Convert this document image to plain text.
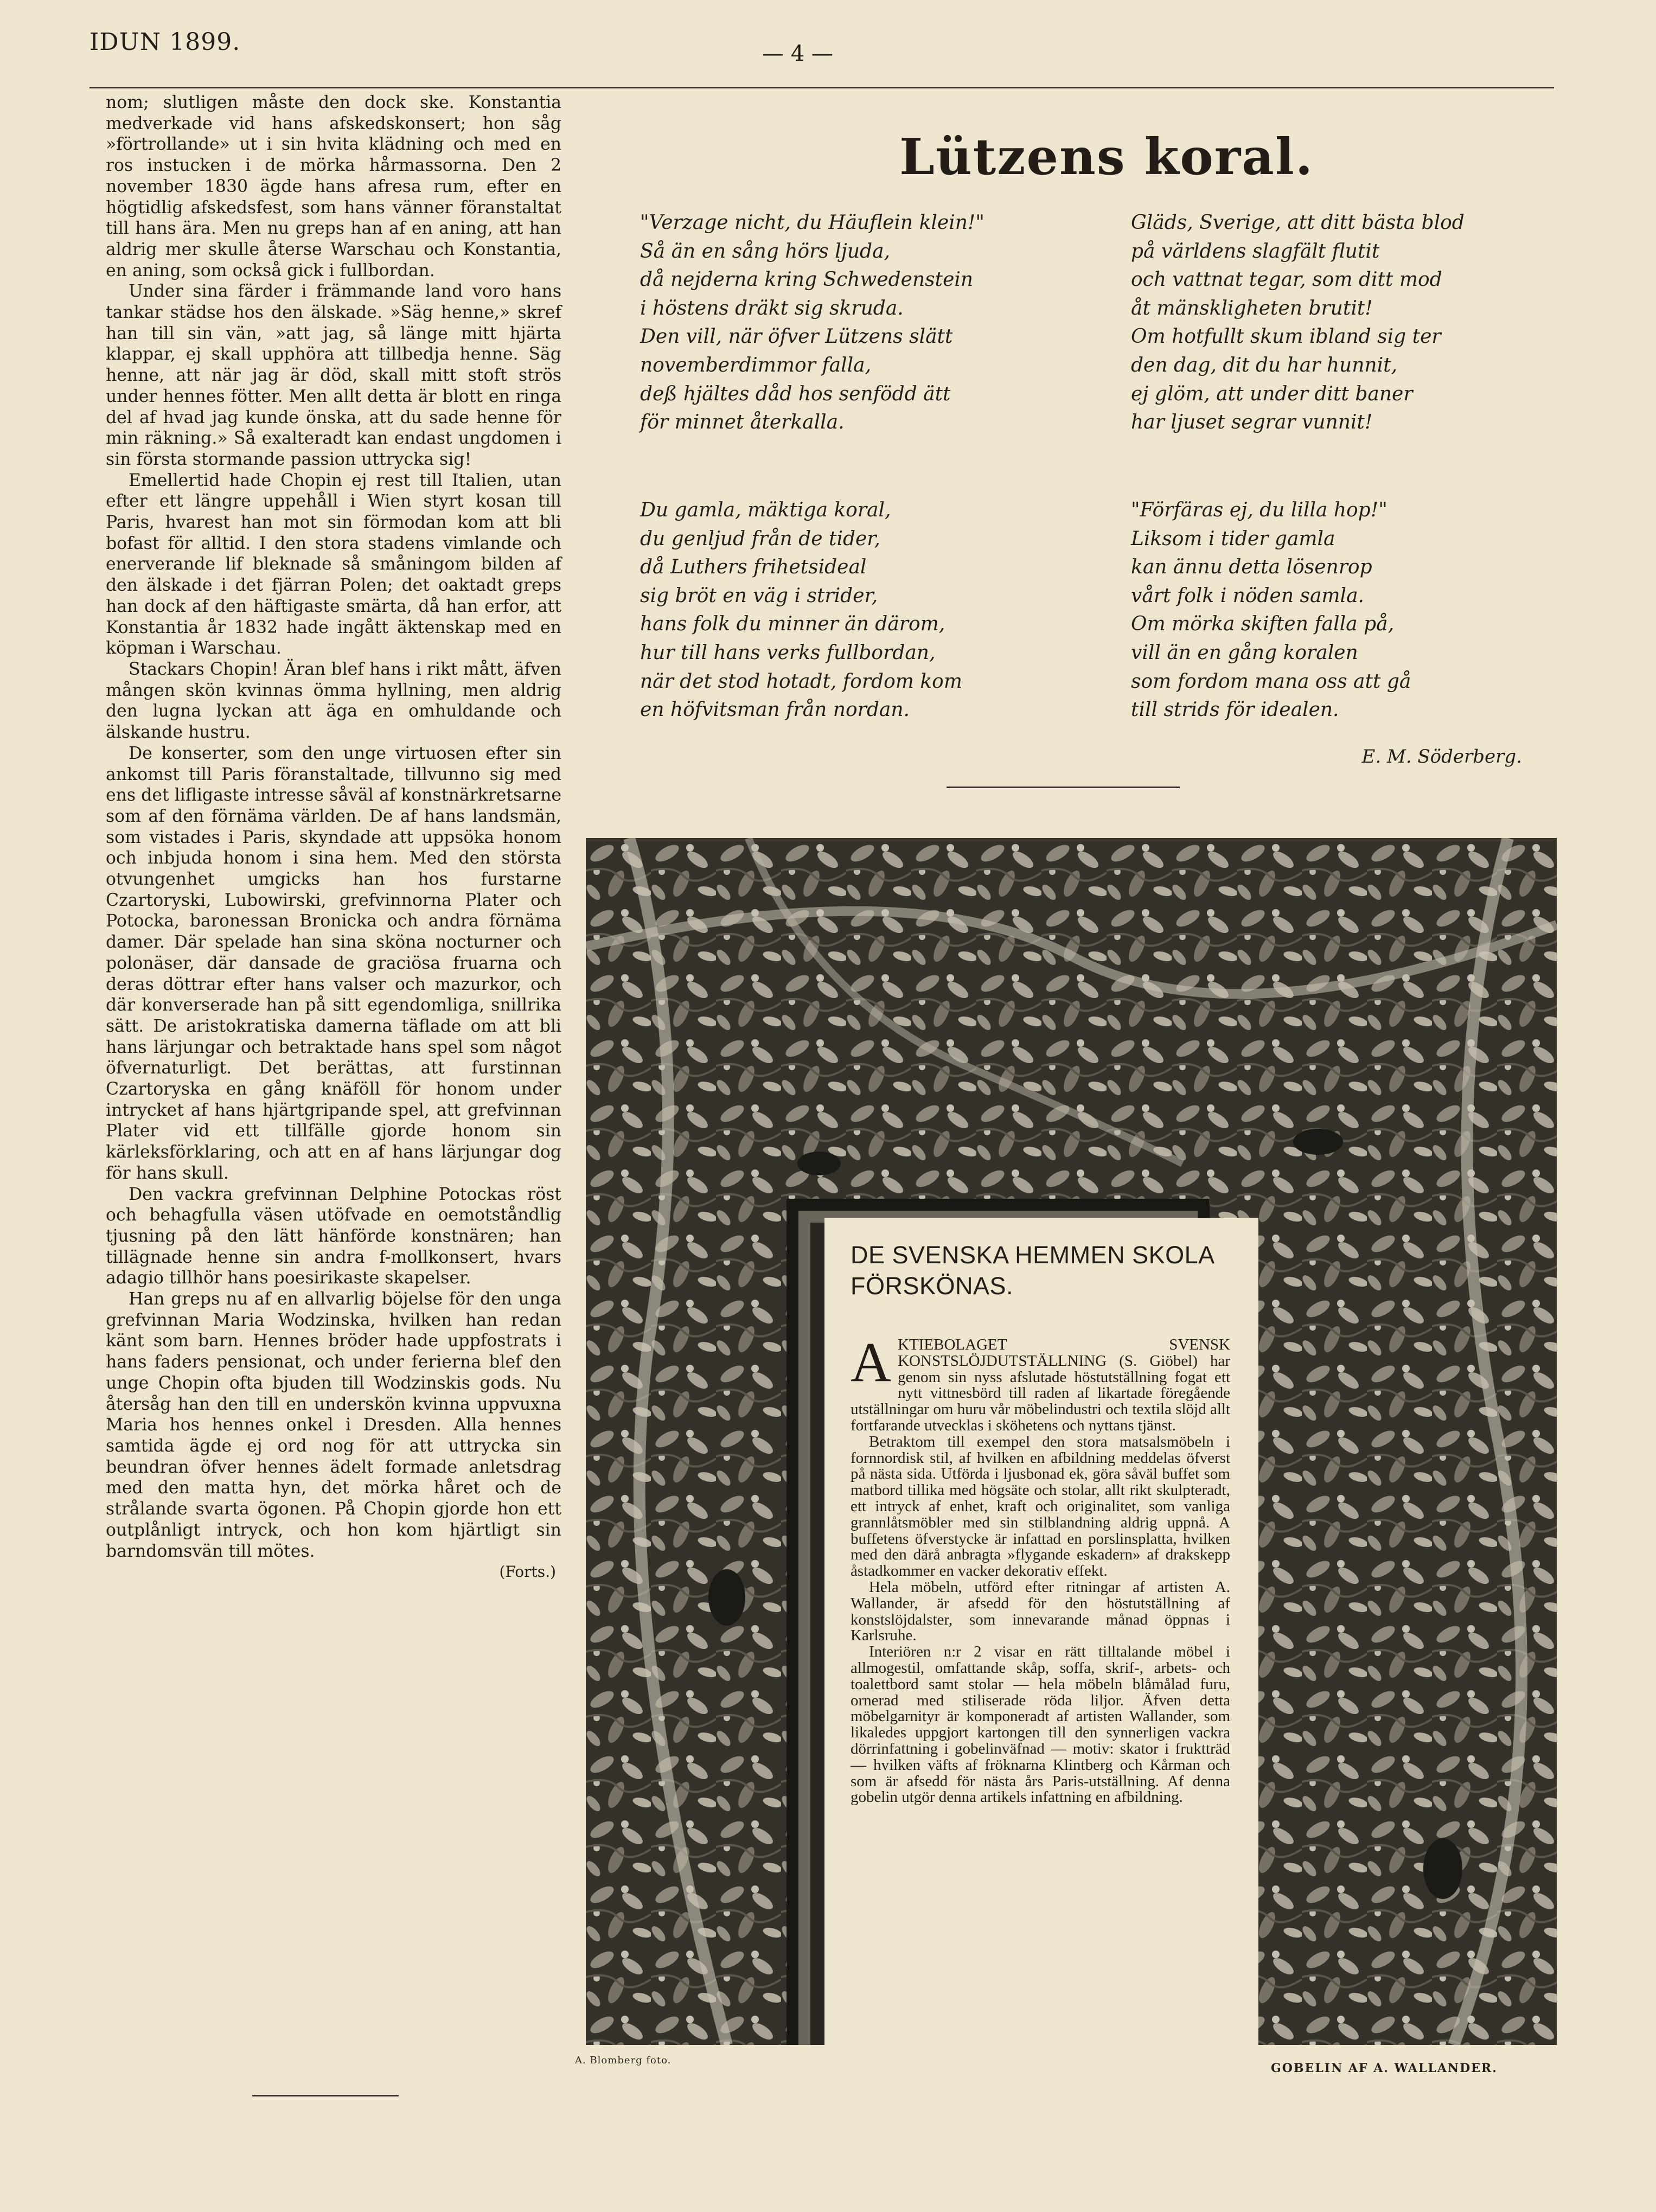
IDUN 1899.	— 4 —

nom; slutligen måste den dock ske. Konstantia medverkade vid hans afskedskonsert; hon såg »förtrollande» ut i sin hvita klädning och med en ros instucken i de mörka hårmassorna. Den 2 november 1830 ägde hans afresa rum, efter en högtidlig afskedsfest, som hans vänner föranstaltat till hans ära. Men nu greps han af en aning, att han aldrig mer skulle återse Warschau och Konstantia, en aning, som också gick i fullbordan.

Under sina färder i främmande land voro hans tankar städse hos den älskade. »Säg henne,» skref han till sin vän, »att jag, så länge mitt hjärta klappar, ej skall upphöra att tillbedja henne. Säg henne, att när jag är död, skall mitt stoft strös under hennes fötter. Men allt detta är blott en ringa del af hvad jag kunde önska, att du sade henne för min räkning.» Så exalteradt kan endast ungdomen i sin första stormande passion uttrycka sig!

Emellertid hade Chopin ej rest till Italien, utan efter ett längre uppehåll i Wien styrt kosan till Paris, hvarest han mot sin förmodan kom att bli bofast för alltid. I den stora stadens vimlande och enerverande lif bleknade så småningom bilden af den älskade i det fjärran Polen; det oaktadt greps han dock af den häftigaste smärta, då han erfor, att Konstantia år 1832 hade ingått äktenskap med en köpman i Warschau.

Stackars Chopin! Äran blef hans i rikt mått, äfven mången skön kvinnas ömma hyllning, men aldrig den lugna lyckan att äga en omhuldande och älskande hustru.

De konserter, som den unge virtuosen efter sin ankomst till Paris föranstaltade, tillvunno sig med ens det lifligaste intresse såväl af konstnärkretsarne som af den förnäma världen. De af hans landsmän, som vistades i Paris, skyndade att uppsöka honom och inbjuda honom i sina hem. Med den största otvungenhet umgicks han hos furstarne Czartoryski, Lubowirski, grefvinnorna Plater och Potocka, baronessan Bronicka och andra förnäma damer. Där spelade han sina sköna nocturner och polonäser, där dansade de graciösa fruarna och deras döttrar efter hans valser och mazurkor, och där konverserade han på sitt egendomliga, snillrika sätt. De aristokratiska damerna täflade om att bli hans lärjungar och betraktade hans spel som något öfvernaturligt. Det berättas, att furstinnan Czartoryska en gång knäföll för honom under intrycket af hans hjärtgripande spel, att grefvinnan Plater vid ett tillfälle gjorde honom sin kärleksförklaring, och att en af hans lärjungar dog för hans skull.

Den vackra grefvinnan Delphine Potockas röst och behagfulla väsen utöfvade en oemotståndlig tjusning på den lätt hänförde konstnären; han tillägnade henne sin andra f-mollkonsert, hvars adagio tillhör hans poesirikaste skapelser.

Han greps nu af en allvarlig böjelse för den unga grefvinnan Maria Wodzinska, hvilken han redan känt som barn. Hennes bröder hade uppfostrats i hans faders pensionat, och under ferierna blef den unge Chopin ofta bjuden till Wodzinskis gods. Nu återsåg han den till en underskön kvinna uppvuxna Maria hos hennes onkel i Dresden. Alla hennes samtida ägde ej ord nog för att uttrycka sin beundran öfver hennes ädelt formade anletsdrag med den matta hyn, det mörka håret och de strålande svarta ögonen. På Chopin gjorde hon ett outplånligt intryck, och hon kom hjärtligt sin barndomsvän till mötes.

(Forts.)
Lützens koral.
"Verzage nicht, du Häuflein klein!"
Så än en sång hörs ljuda,
då nejderna kring Schwedenstein
i höstens dräkt sig skruda.
Den vill, när öfver Lützens slätt
novemberdimmor falla,
deß hjältes dåd hos senfödd ätt
för minnet återkalla.
Du gamla, mäktiga koral,
du genljud från de tider,
då Luthers frihetsideal
sig bröt en väg i strider,
hans folk du minner än därom,
hur till hans verks fullbordan,
när det stod hotadt, fordom kom
en höfvitsman från nordan.
Gläds, Sverige, att ditt bästa blod
på världens slagfält flutit
och vattnat tegar, som ditt mod
åt mänskligheten brutit!
Om hotfullt skum ibland sig ter
den dag, dit du har hunnit,
ej glöm, att under ditt baner
har ljuset segrar vunnit!
"Förfäras ej, du lilla hop!"
Liksom i tider gamla
kan ännu detta lösenrop
vårt folk i nöden samla.
Om mörka skiften falla på,
vill än en gång koralen
som fordom mana oss att gå
till strids för idealen.
E. M. Söderberg.
DE SVENSKA HEMMEN SKOLA FÖRSKÖNAS.

AKTIEBOLAGET SVENSK KONSTSLÖJDUTSTÄLLNING (S. Giöbel) har genom sin nyss afslutade höstutställning fogat ett nytt vittnesbörd till raden af likartade föregående utställningar om huru vår möbelindustri och textila slöjd allt fortfarande utvecklas i sköhetens och nyttans tjänst.

Betraktom till exempel den stora matsalsmöbeln i fornnordisk stil, af hvilken en afbildning meddelas öfverst på nästa sida. Utförda i ljusbonad ek, göra såväl buffet som matbord tillika med högsäte och stolar, allt rikt skulpteradt, ett intryck af enhet, kraft och originalitet, som vanliga grannlåtsmöbler med sin stilblandning aldrig uppnå. A buffetens öfverstycke är infattad en porslinsplatta, hvilken med den därå anbragta »flygande eskadern» af drakskepp åstadkommer en vacker dekorativ effekt.

Hela möbeln, utförd efter ritningar af artisten A. Wallander, är afsedd för den höstutställning af konstslöjdalster, som innevarande månad öppnas i Karlsruhe.

Interiören n:r 2 visar en rätt tilltalande möbel i allmogestil, omfattande skåp, soffa, skrif-, arbets- och toalettbord samt stolar — hela möbeln blåmålad furu, ornerad med stiliserade röda liljor. Äfven detta möbelgarnityr är komponeradt af artisten Wallander, som likaledes uppgjort kartongen till den synnerligen vackra dörrinfattning i gobelinväfnad — motiv: skator i fruktträd — hvilken väfts af fröknarna Klintberg och Kårman och som är afsedd för nästa års Paris-utställning. Af denna gobelin utgör denna artikels infattning en afbildning.

A. Blomberg foto.
GOBELIN AF A. WALLANDER.
